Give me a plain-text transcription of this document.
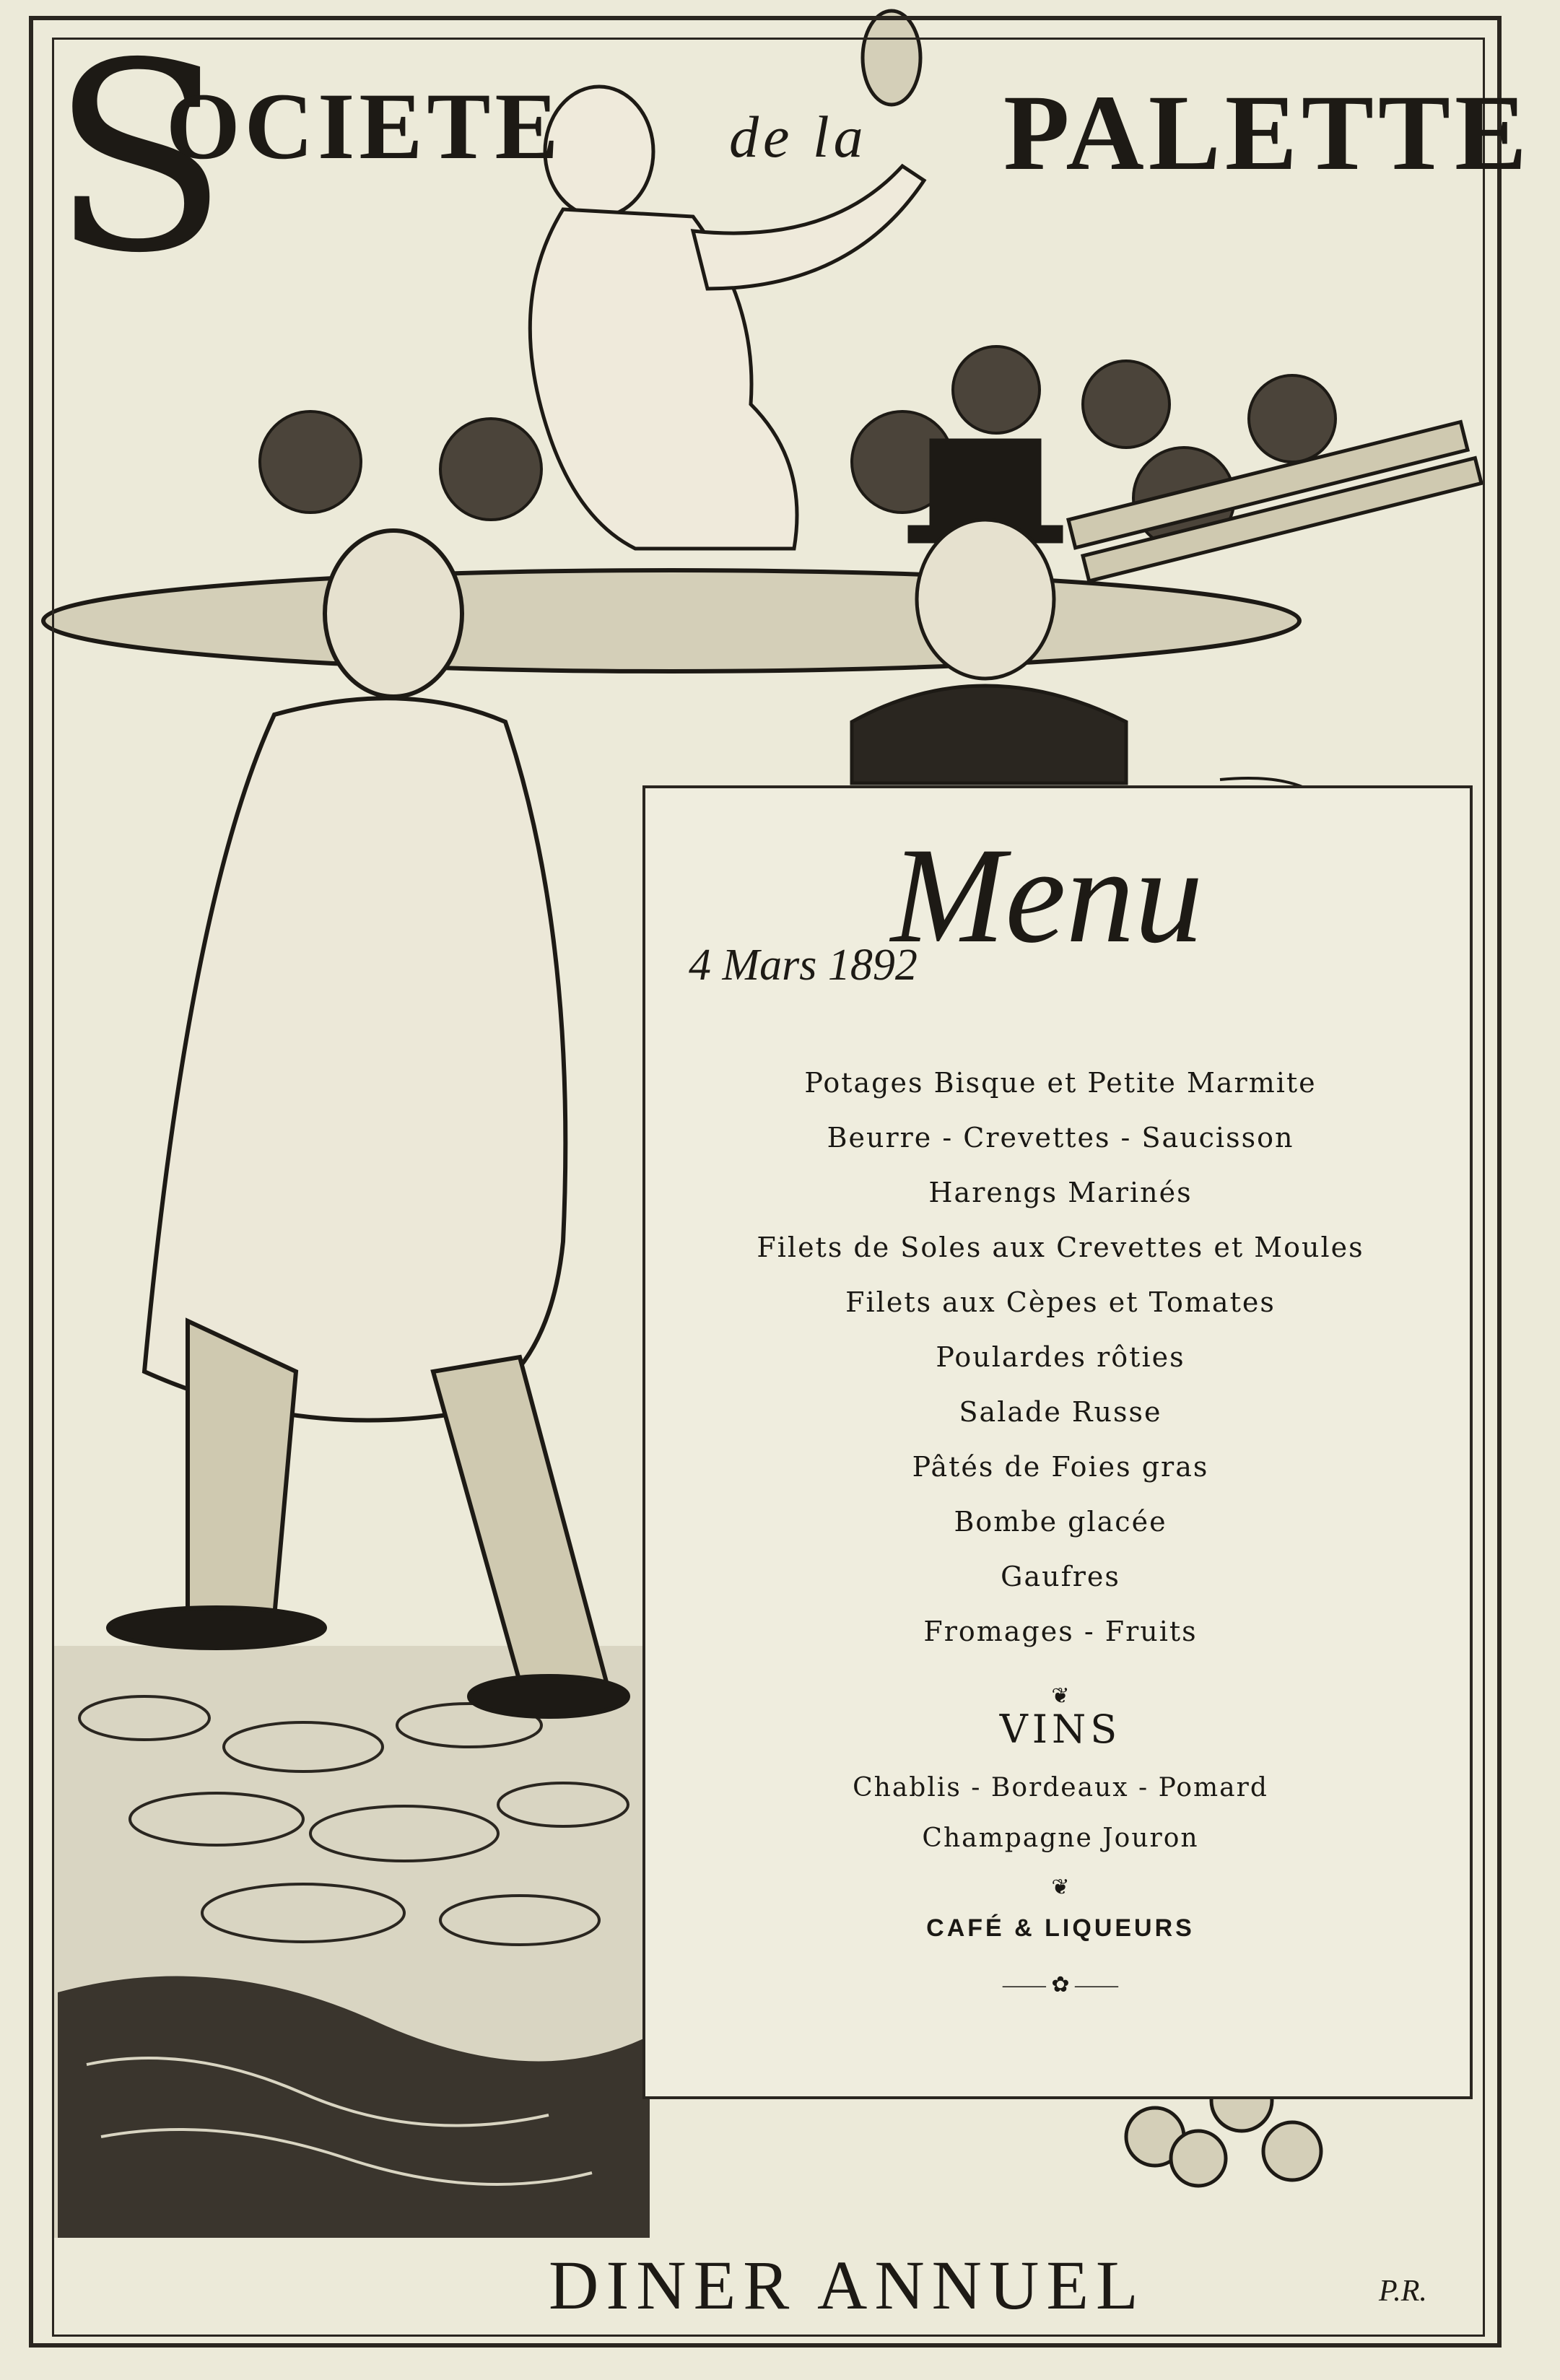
S
OCIETE	de la PALETTE
Menu
4 Mars 1892
Potages Bisque et Petite Marmite
Beurre - Crevettes - Saucisson
Harengs Marinés
Filets de Soles aux Crevettes et Moules
Filets aux Cèpes et Tomates
Poulardes rôties
Salade Russe
Pâtés de Foies gras
Bombe glacée
Gaufres
Fromages - Fruits
❦
VINS
Chablis - Bordeaux - Pomard
Champagne Jouron
❦
CAFÉ & LIQUEURS
—— ✿ ——
DINER ANNUEL	P.R.
